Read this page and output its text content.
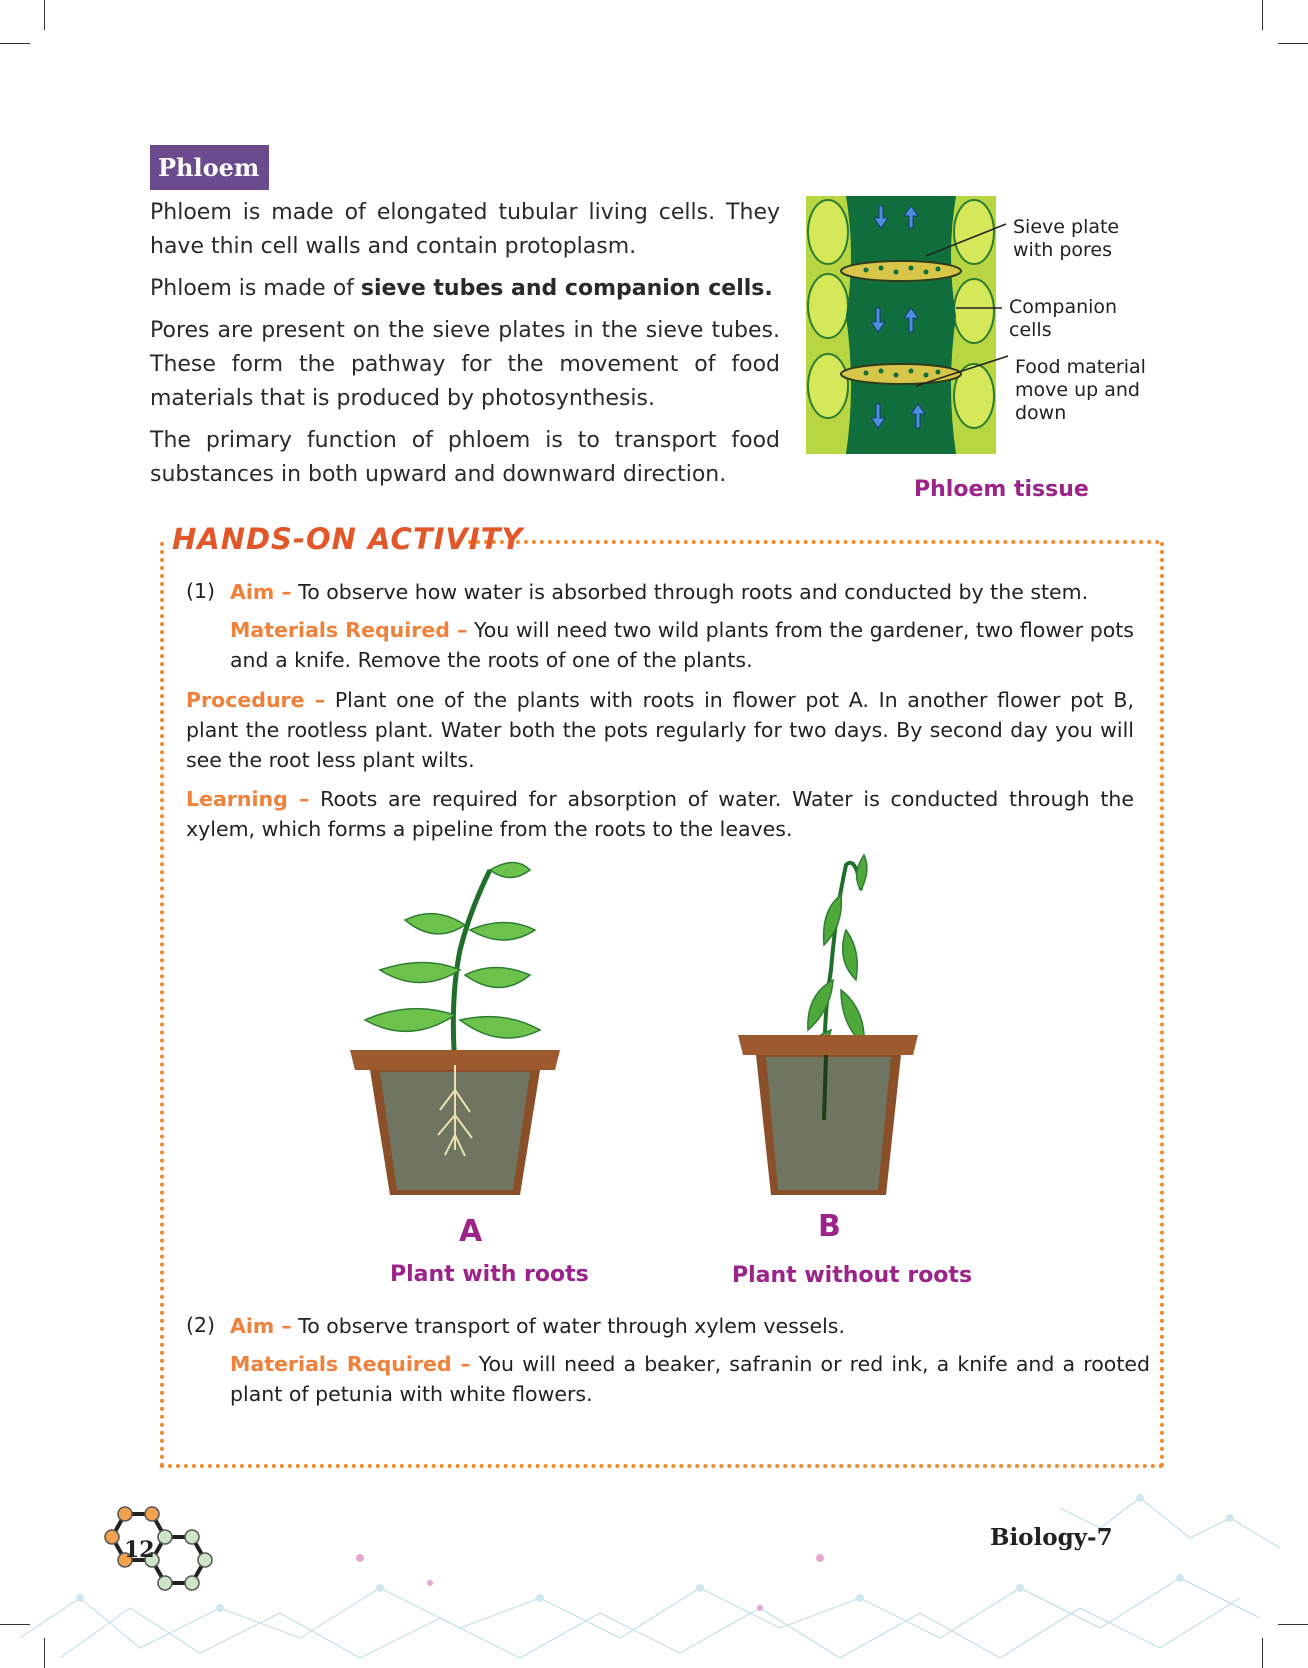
Phloem

Phloem is made of elongated tubular living cells. They have thin cell walls and contain protoplasm.

Phloem is made of sieve tubes and companion cells.

Pores are present on the sieve plates in the sieve tubes. These form the pathway for the movement of food materials that is produced by photosynthesis.

The primary function of phloem is to transport food substances in both upward and downward direction.

Sieve plate
with pores
Companion
cells
Food material
move up and
down
Phloem tissue
HANDS-ON ACTIVITY
(1) Aim – To observe how water is absorbed through roots and conducted by the stem.
Materials Required – You will need two wild plants from the gardener, two flower pots and a knife. Remove the roots of one of the plants.
Procedure – Plant one of the plants with roots in flower pot A. In another flower pot B, plant the rootless plant. Water both the pots regularly for two days. By second day you will see the root less plant wilts.
Learning – Roots are required for absorption of water. Water is conducted through the xylem, which forms a pipeline from the roots to the leaves.
A
Plant with roots
B
Plant without roots
(2) Aim – To observe transport of water through xylem vessels.
Materials Required – You will need a beaker, safranin or red ink, a knife and a rooted plant of petunia with white flowers.
12	Biology-7
